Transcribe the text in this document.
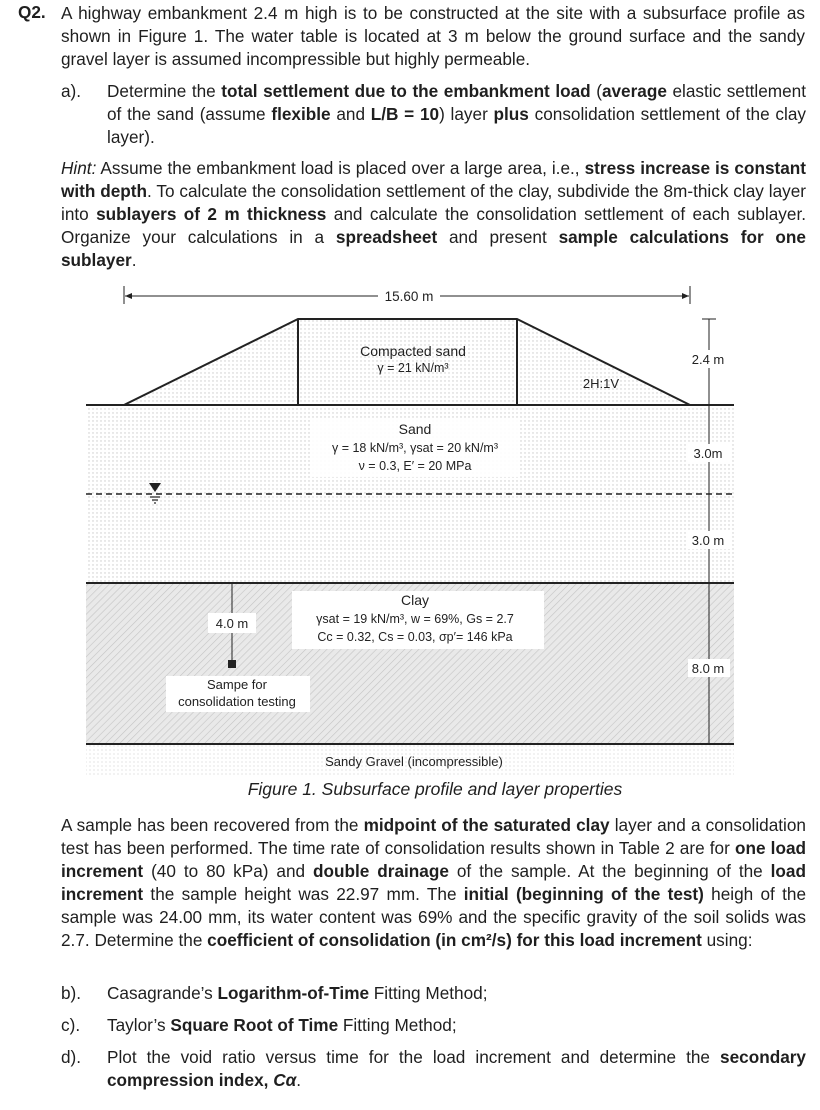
Q2. A highway embankment 2.4 m high is to be constructed at the site with a subsurface profile as shown in Figure 1. The water table is located at 3 m below the ground surface and the sandy gravel layer is assumed incompressible but highly permeable.

a). Determine the total settlement due to the embankment load (average elastic settlement of the sand (assume flexible and L/B = 10) layer plus consolidation settlement of the clay layer).

Hint: Assume the embankment load is placed over a large area, i.e., stress increase is constant with depth. To calculate the consolidation settlement of the clay, subdivide the 8m-thick clay layer into sublayers of 2 m thickness and calculate the consolidation settlement of each sublayer. Organize your calculations in a spreadsheet and present sample calculations for one sublayer.

15.60 m
Compacted sand
γ = 21 kN/m³
2H:1V
2.4 m
3.0m
3.0 m
8.0 m
Sand
γ = 18 kN/m³, γsat = 20 kN/m³
ν = 0.3, E′ = 20 MPa
Clay
γsat = 19 kN/m³, w = 69%, Gs = 2.7
Cc = 0.32, Cs = 0.03, σp′= 146 kPa
4.0 m
Sampe for
consolidation testing
Sandy Gravel (incompressible)
Figure 1. Subsurface profile and layer properties

A sample has been recovered from the midpoint of the saturated clay layer and a consolidation test has been performed. The time rate of consolidation results shown in Table 2 are for one load increment (40 to 80 kPa) and double drainage of the sample. At the beginning of the load increment the sample height was 22.97 mm. The initial (beginning of the test) heigh of the sample was 24.00 mm, its water content was 69% and the specific gravity of the soil solids was 2.7. Determine the coefficient of consolidation (in cm²/s) for this load increment using:

b). Casagrande’s Logarithm-of-Time Fitting Method;

c). Taylor’s Square Root of Time Fitting Method;

d). Plot the void ratio versus time for the load increment and determine the secondary compression index, Cα.
